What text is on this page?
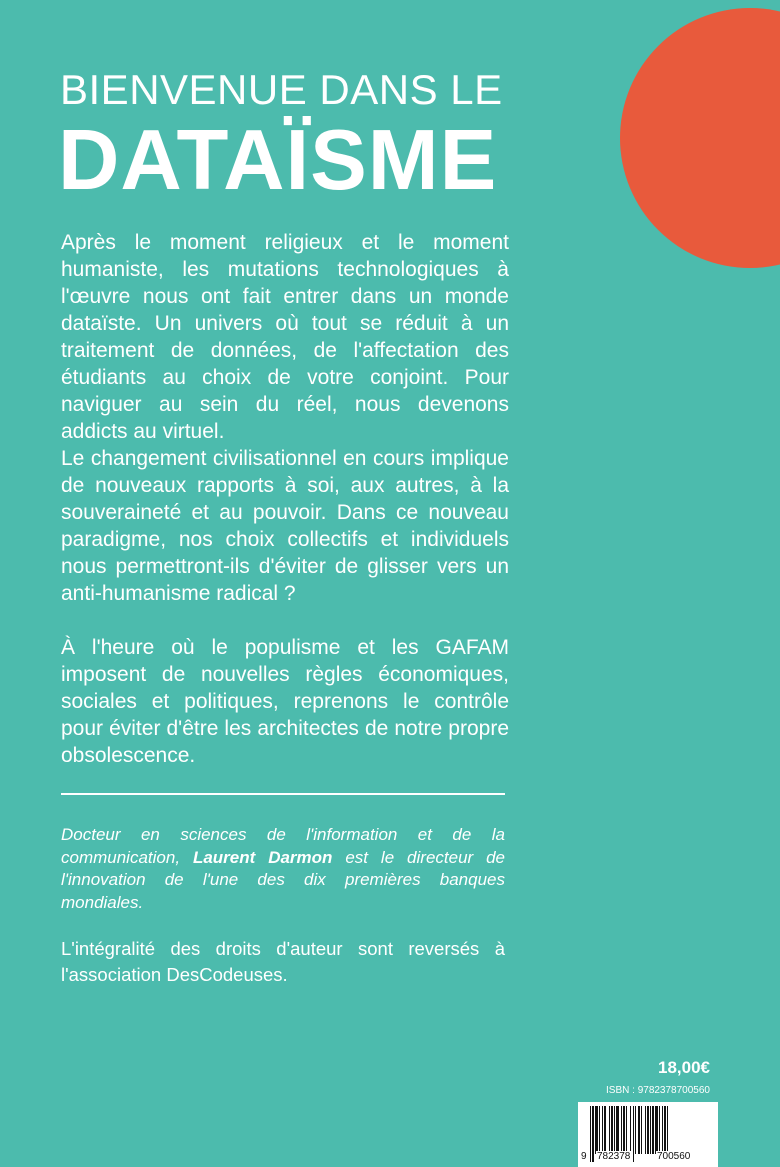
BIENVENUE DANS LE
DATAÏSME

Après le moment religieux et le moment humaniste, les mutations technologiques à l'œuvre nous ont fait entrer dans un monde dataïste. Un univers où tout se réduit à un traitement de données, de l'affectation des étudiants au choix de votre conjoint. Pour naviguer au sein du réel, nous devenons addicts au virtuel.

Le changement civilisationnel en cours implique de nouveaux rapports à soi, aux autres, à la souveraineté et au pouvoir. Dans ce nouveau paradigme, nos choix collectifs et individuels nous permettront-ils d'éviter de glisser vers un anti-humanisme radical ?

À l'heure où le populisme et les GAFAM imposent de nouvelles règles économiques, sociales et politiques, reprenons le contrôle pour éviter d'être les architectes de notre propre obsolescence.

Docteur en sciences de l'information et de la communication, Laurent Darmon est le directeur de l'innovation de l'une des dix premières banques mondiales.
L'intégralité des droits d'auteur sont reversés à l'association DesCodeuses.
18,00€
ISBN : 9782378700560
9 782378	700560
